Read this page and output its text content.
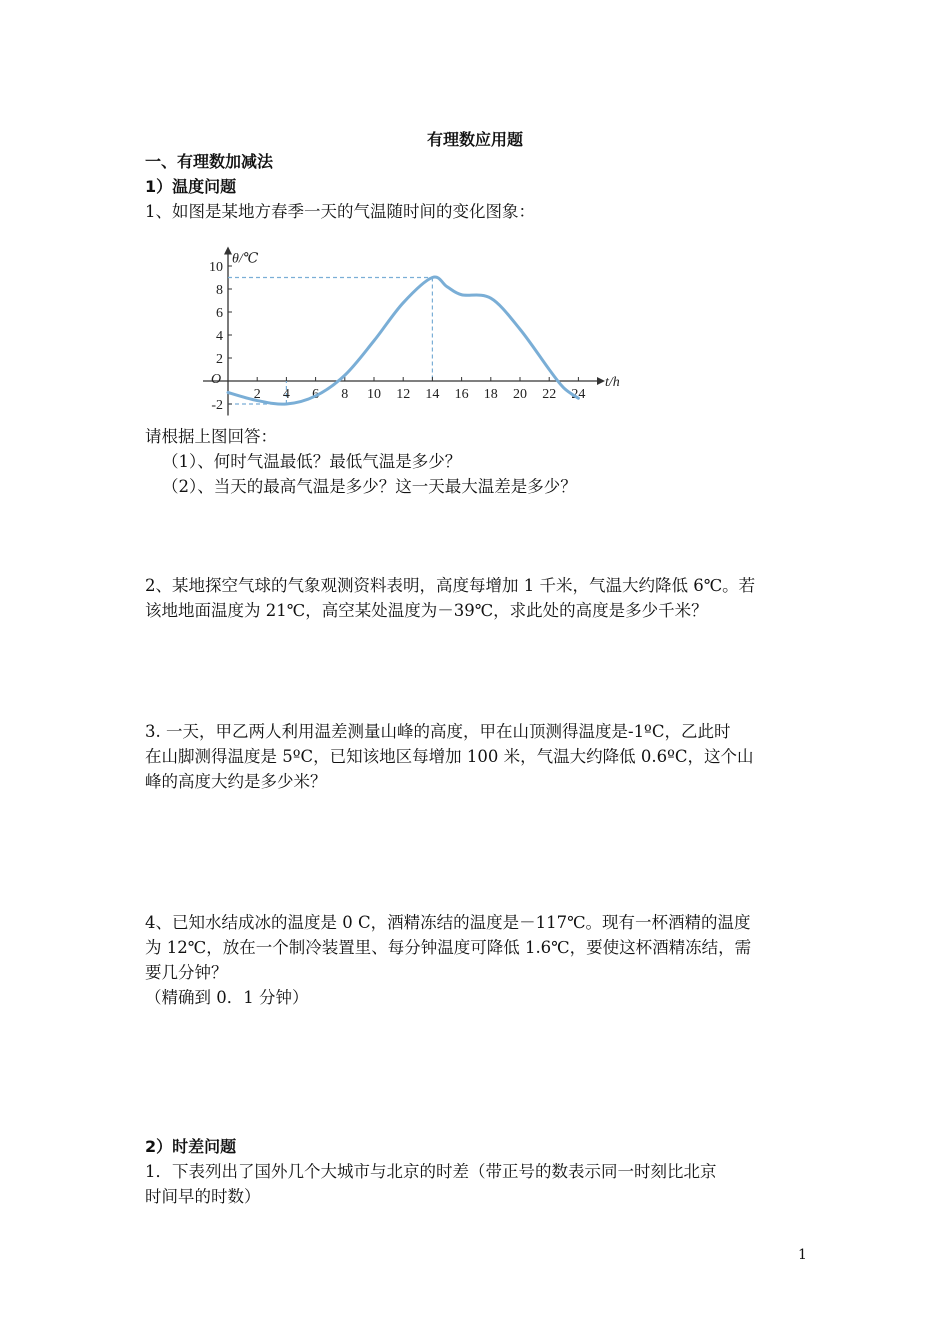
有理数应用题
一、有理数加减法
1）温度问题
1、如图是某地方春季一天的气温随时间的变化图象：
θ/℃
t/h
O
2 4 6 8 10 12 14 16 18 20 22 24
10
8
6
4
2
-2
请根据上图回答：
（1）、何时气温最低？最低气温是多少？
（2）、当天的最高气温是多少？这一天最大温差是多少？
2、某地探空气球的气象观测资料表明，高度每增加 1 千米，气温大约降低 6℃。若
该地地面温度为 21℃，高空某处温度为－39℃，求此处的高度是多少千米？
3. 一天，甲乙两人利用温差测量山峰的高度，甲在山顶测得温度是-1ºC，乙此时
在山脚测得温度是 5ºC，已知该地区每增加 100 米，气温大约降低 0.6ºC，这个山
峰的高度大约是多少米？
4、已知水结成冰的温度是 0 C，酒精冻结的温度是－117℃。现有一杯酒精的温度
为 12℃，放在一个制冷装置里、每分钟温度可降低 1.6℃，要使这杯酒精冻结，需
要几分钟？
（精确到 0．1 分钟）
2）时差问题
1．下表列出了国外几个大城市与北京的时差（带正号的数表示同一时刻比北京
时间早的时数）
1
